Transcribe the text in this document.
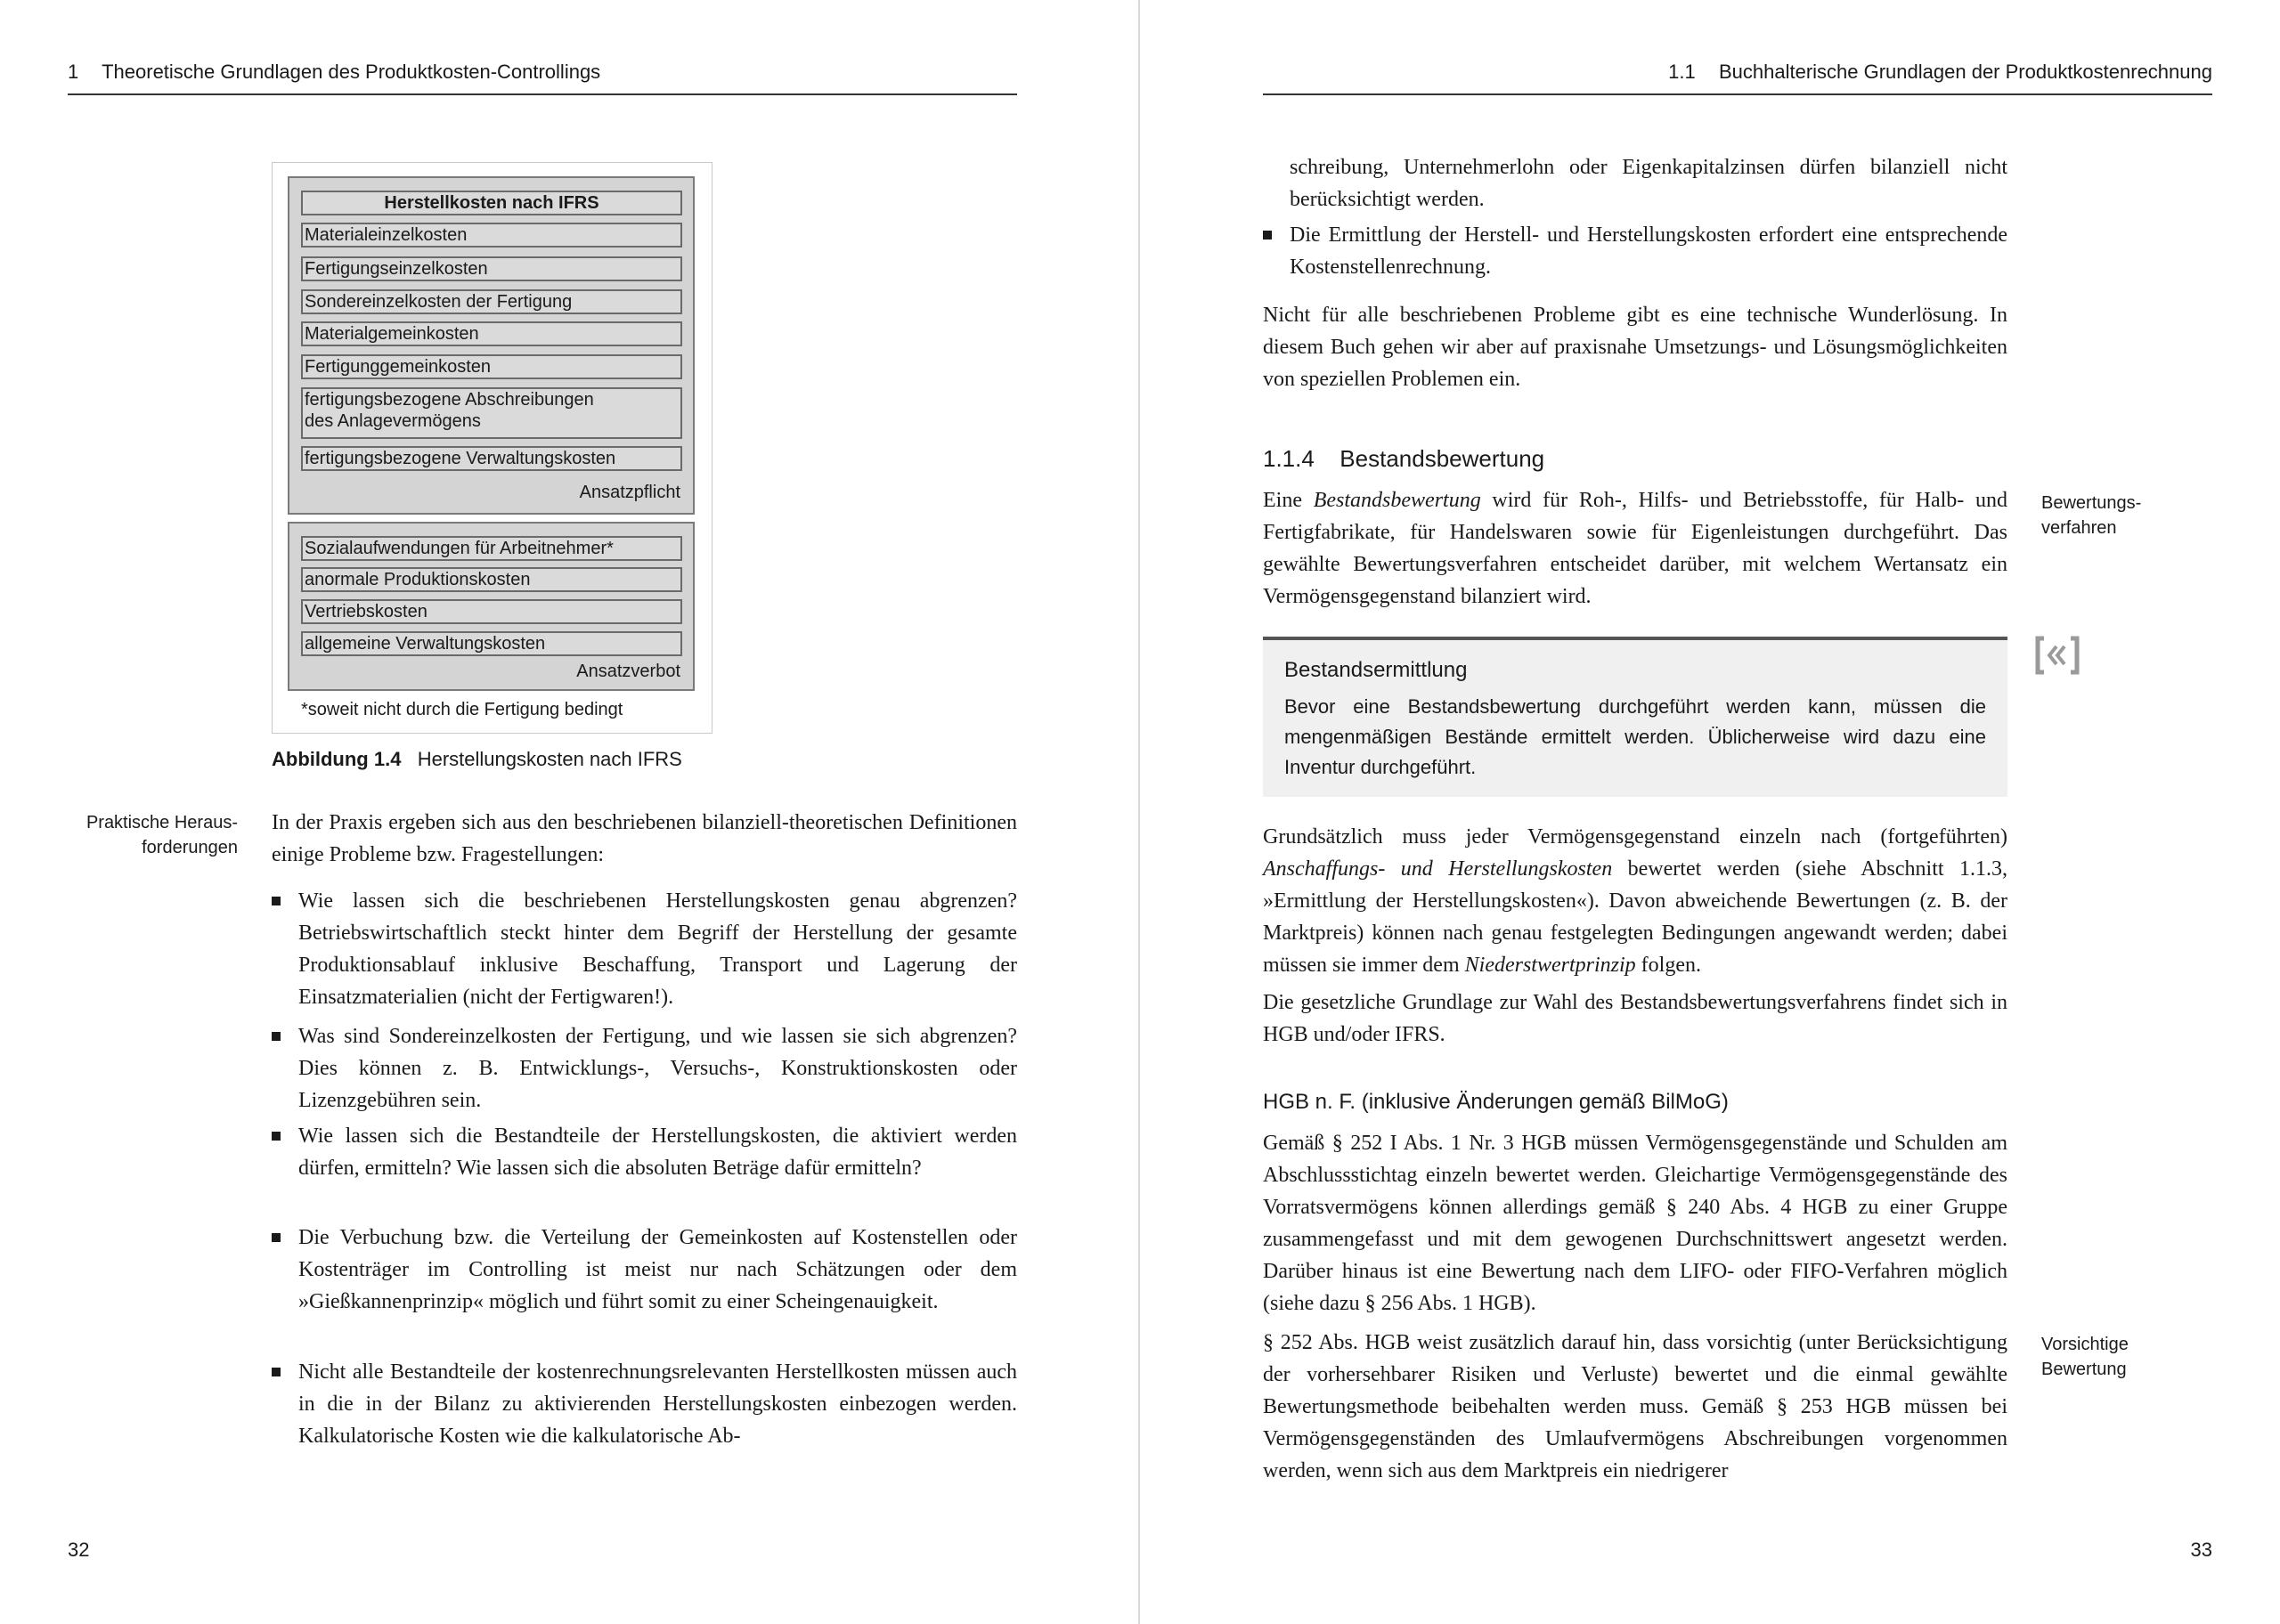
1 Theoretische Grundlagen des Produktkosten-Controllings
Herstellkosten nach IFRS
Materialeinzelkosten
Fertigungseinzelkosten
Sondereinzelkosten der Fertigung
Materialgemeinkosten
Fertigunggemeinkosten
fertigungsbezogene Abschreibungen
des Anlagevermögens
fertigungsbezogene Verwaltungskosten
Ansatzpflicht
Sozialaufwendungen für Arbeitnehmer*
anormale Produktionskosten
Vertriebskosten
allgemeine Verwaltungskosten
Ansatzverbot
*soweit nicht durch die Fertigung bedingt
Abbildung 1.4 Herstellungskosten nach IFRS
Praktische Heraus-
forderungen
In der Praxis ergeben sich aus den beschriebenen bilanziell-theoretischen Definitionen einige Probleme bzw. Fragestellungen:
Wie lassen sich die beschriebenen Herstellungskosten genau abgrenzen? Betriebswirtschaftlich steckt hinter dem Begriff der Herstellung der gesamte Produktionsablauf inklusive Beschaffung, Transport und Lagerung der Einsatzmaterialien (nicht der Fertigwaren!).
Was sind Sondereinzelkosten der Fertigung, und wie lassen sie sich abgrenzen? Dies können z. B. Entwicklungs-, Versuchs-, Konstruktionskosten oder Lizenzgebühren sein.
Wie lassen sich die Bestandteile der Herstellungskosten, die aktiviert werden dürfen, ermitteln? Wie lassen sich die absoluten Beträge dafür ermitteln?
Die Verbuchung bzw. die Verteilung der Gemeinkosten auf Kostenstellen oder Kostenträger im Controlling ist meist nur nach Schätzungen oder dem »Gießkannenprinzip« möglich und führt somit zu einer Scheingenauigkeit.
Nicht alle Bestandteile der kostenrechnungsrelevanten Herstellkosten müssen auch in die in der Bilanz zu aktivierenden Herstellungskosten einbezogen werden. Kalkulatorische Kosten wie die kalkulatorische Ab-
32
1.1 Buchhalterische Grundlagen der Produktkostenrechnung
schreibung, Unternehmerlohn oder Eigenkapitalzinsen dürfen bilanziell nicht berücksichtigt werden.
Die Ermittlung der Herstell- und Herstellungskosten erfordert eine entsprechende Kostenstellenrechnung.
Nicht für alle beschriebenen Probleme gibt es eine technische Wunderlösung. In diesem Buch gehen wir aber auf praxisnahe Umsetzungs- und Lösungsmöglichkeiten von speziellen Problemen ein.
1.1.4 Bestandsbewertung
Eine Bestandsbewertung wird für Roh-, Hilfs- und Betriebsstoffe, für Halb- und Fertigfabrikate, für Handelswaren sowie für Eigenleistungen durchgeführt. Das gewählte Bewertungsverfahren entscheidet darüber, mit welchem Wertansatz ein Vermögensgegenstand bilanziert wird.
Bewertungs-
verfahren
Bestandsermittlung
Bevor eine Bestandsbewertung durchgeführt werden kann, müssen die mengenmäßigen Bestände ermittelt werden. Üblicherweise wird dazu eine Inventur durchgeführt.
Grundsätzlich muss jeder Vermögensgegenstand einzeln nach (fortgeführten) Anschaffungs- und Herstellungskosten bewertet werden (siehe Abschnitt 1.1.3, »Ermittlung der Herstellungskosten«). Davon abweichende Bewertungen (z. B. der Marktpreis) können nach genau festgelegten Bedingungen angewandt werden; dabei müssen sie immer dem Niederstwertprinzip folgen.
Die gesetzliche Grundlage zur Wahl des Bestandsbewertungsverfahrens findet sich in HGB und/oder IFRS.
HGB n. F. (inklusive Änderungen gemäß BilMoG)
Gemäß § 252 I Abs. 1 Nr. 3 HGB müssen Vermögensgegenstände und Schulden am Abschlussstichtag einzeln bewertet werden. Gleichartige Vermögensgegenstände des Vorratsvermögens können allerdings gemäß § 240 Abs. 4 HGB zu einer Gruppe zusammengefasst und mit dem gewogenen Durchschnittswert angesetzt werden. Darüber hinaus ist eine Bewertung nach dem LIFO- oder FIFO-Verfahren möglich (siehe dazu § 256 Abs. 1 HGB).
§ 252 Abs. HGB weist zusätzlich darauf hin, dass vorsichtig (unter Berücksichtigung der vorhersehbarer Risiken und Verluste) bewertet und die einmal gewählte Bewertungsmethode beibehalten werden muss. Gemäß § 253 HGB müssen bei Vermögensgegenständen des Umlaufvermögens Abschreibungen vorgenommen werden, wenn sich aus dem Marktpreis ein niedrigerer
Vorsichtige
Bewertung
33
